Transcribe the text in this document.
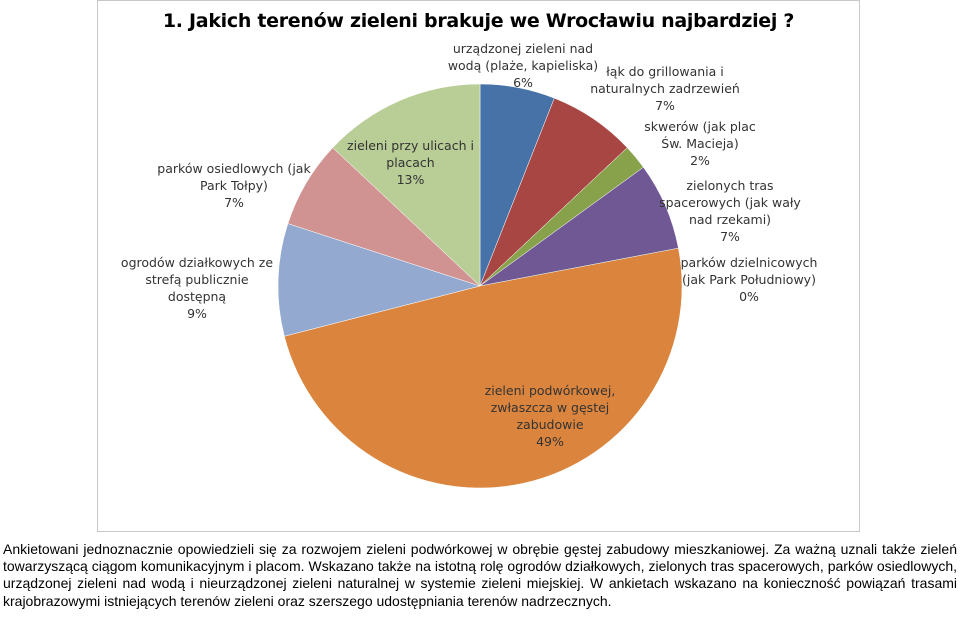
1. Jakich terenów zieleni brakuje we Wrocławiu najbardziej ?
urządzonej zieleni nad
wodą (plaże, kapieliska)
6%
łąk do grillowania i
naturalnych zadrzewień
7%
skwerów (jak plac
Św. Macieja)
2%
zielonych tras
spacerowych (jak wały
nad rzekami)
7%
parków dzielnicowych
(jak Park Południowy)
0%
zieleni podwórkowej,
zwłaszcza w gęstej
zabudowie
49%
ogrodów działkowych ze
strefą publicznie
dostępną
9%
parków osiedlowych (jak
Park Tołpy)
7%
zieleni przy ulicach i
placach
13%
Ankietowani jednoznacznie opowiedzieli się za rozwojem zieleni podwórkowej w obrębie gęstej zabudowy mieszkaniowej. Za ważną uznali także zieleń towarzyszącą ciągom komunikacyjnym i placom. Wskazano także na istotną rolę ogrodów działkowych, zielonych tras spacerowych, parków osiedlowych, urządzonej zieleni nad wodą i nieurządzonej zieleni naturalnej w systemie zieleni miejskiej. W ankietach wskazano na konieczność powiązań trasami krajobrazowymi istniejących terenów zieleni oraz szerszego udostępniania terenów nadrzecznych.
